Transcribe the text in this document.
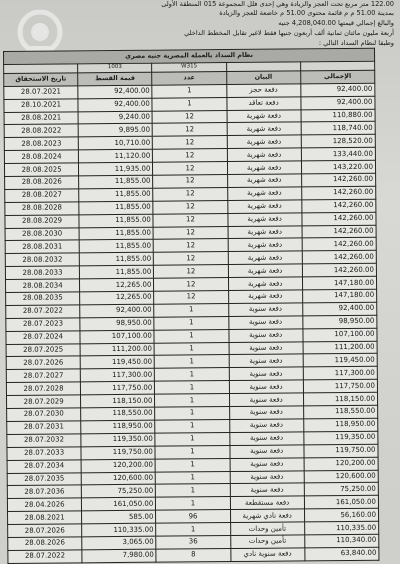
122.00 متر مربع تحت العجز والزيادة وهي إحدى فلل المجموعة 015 المنطقة الأولى
بمدينة 51.00 م م قائمة محتوى 51.00 م خاضعة للعجز والزيادة
والبالغ إجمالي قيمتها 4,208,040.00 جنيه
أربعة مليون مائتان ثمانية ألف أربعون جنيها فقط لاغير تقابل المخطط الداخلي
وطبقا لنظام السداد التالي :
نظام السداد بالعملة المصرية جنيه مصري				
	1003	W315		
تاريخ الاستحقاق	قيمة القسط	عدد	البيان	الإجمالي
28.07.2021	92,400.00	1	دفعة حجز	92,400.00
28.10.2021	92,400.00	1	دفعة تعاقد	92,400.00
28.08.2021	9,240.00	12	دفعة شهرية	110,880.00
28.08.2022	9,895.00	12	دفعة شهرية	118,740.00
28.08.2023	10,710.00	12	دفعة شهرية	128,520.00
28.08.2024	11,120.00	12	دفعة شهرية	133,440.00
28.08.2025	11,935.00	12	دفعة شهرية	143,220.00
28.08.2026	11,855.00	12	دفعة شهرية	142,260.00
28.08.2027	11,855.00	12	دفعة شهرية	142,260.00
28.08.2028	11,855.00	12	دفعة شهرية	142,260.00
28.08.2029	11,855.00	12	دفعة شهرية	142,260.00
28.08.2030	11,855.00	12	دفعة شهرية	142,260.00
28.08.2031	11,855.00	12	دفعة شهرية	142,260.00
28.08.2032	11,855.00	12	دفعة شهرية	142,260.00
28.08.2033	11,855.00	12	دفعة شهرية	142,260.00
28.08.2034	12,265.00	12	دفعة شهرية	147,180.00
28.08.2035	12,265.00	12	دفعة شهرية	147,180.00
28.07.2022	92,400.00	1	دفعة سنوية	92,400.00
28.07.2023	98,950.00	1	دفعة سنوية	98,950.00
28.07.2024	107,100.00	1	دفعة سنوية	107,100.00
28.07.2025	111,200.00	1	دفعة سنوية	111,200.00
28.07.2026	119,450.00	1	دفعة سنوية	119,450.00
28.07.2027	117,300.00	1	دفعة سنوية	117,300.00
28.07.2028	117,750.00	1	دفعة سنوية	117,750.00
28.07.2029	118,150.00	1	دفعة سنوية	118,150.00
28.07.2030	118,550.00	1	دفعة سنوية	118,550.00
28.07.2031	118,950.00	1	دفعة سنوية	118,950.00
28.07.2032	119,350.00	1	دفعة سنوية	119,350.00
28.07.2033	119,750.00	1	دفعة سنوية	119,750.00
28.07.2034	120,200.00	1	دفعة سنوية	120,200.00
28.07.2035	120,600.00	1	دفعة سنوية	120,600.00
28.07.2036	75,250.00	1	دفعة سنوية	75,250.00
28.04.2026	161,050.00	1	دفعة مستقطعة	161,050.00
28.08.2021	585.00	96	دفعة نادي شهرية	56,160.00
28.07.2026	110,335.00	1	تأمين وحدات	110,335.00
28.08.2026	3,065.00	36	تأمين وحدات	110,340.00
28.07.2022	7,980.00	8	دفعة سنوية نادي	63,840.00
